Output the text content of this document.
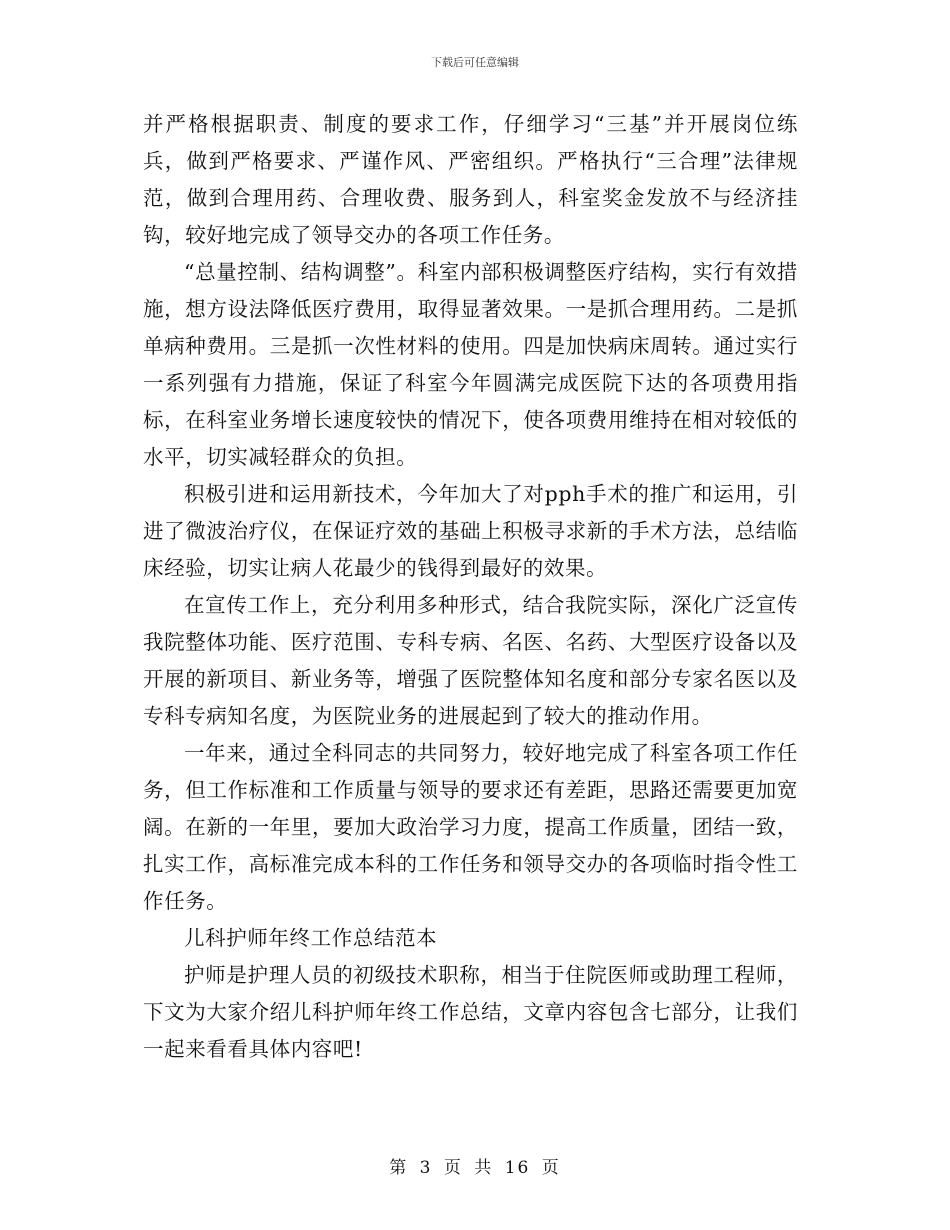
下载后可任意编辑

并严格根据职责、制度的要求工作，仔细学习“三基”并开展岗位练兵，做到严格要求、严谨作风、严密组织。严格执行“三合理”法律规范，做到合理用药、合理收费、服务到人，科室奖金发放不与经济挂钩，较好地完成了领导交办的各项工作任务。

“总量控制、结构调整”。科室内部积极调整医疗结构，实行有效措施，想方设法降低医疗费用，取得显著效果。一是抓合理用药。二是抓单病种费用。三是抓一次性材料的使用。四是加快病床周转。通过实行一系列强有力措施，保证了科室今年圆满完成医院下达的各项费用指标，在科室业务增长速度较快的情况下，使各项费用维持在相对较低的水平，切实减轻群众的负担。

积极引进和运用新技术，今年加大了对pph手术的推广和运用，引进了微波治疗仪，在保证疗效的基础上积极寻求新的手术方法，总结临床经验，切实让病人花最少的钱得到最好的效果。

在宣传工作上，充分利用多种形式，结合我院实际，深化广泛宣传我院整体功能、医疗范围、专科专病、名医、名药、大型医疗设备以及开展的新项目、新业务等，增强了医院整体知名度和部分专家名医以及专科专病知名度，为医院业务的进展起到了较大的推动作用。

一年来，通过全科同志的共同努力，较好地完成了科室各项工作任务，但工作标准和工作质量与领导的要求还有差距，思路还需要更加宽阔。在新的一年里，要加大政治学习力度，提高工作质量，团结一致，扎实工作，高标准完成本科的工作任务和领导交办的各项临时指令性工作任务。

儿科护师年终工作总结范本

护师是护理人员的初级技术职称，相当于住院医师或助理工程师，下文为大家介绍儿科护师年终工作总结，文章内容包含七部分，让我们一起来看看具体内容吧!

第 3 页 共 16 页
